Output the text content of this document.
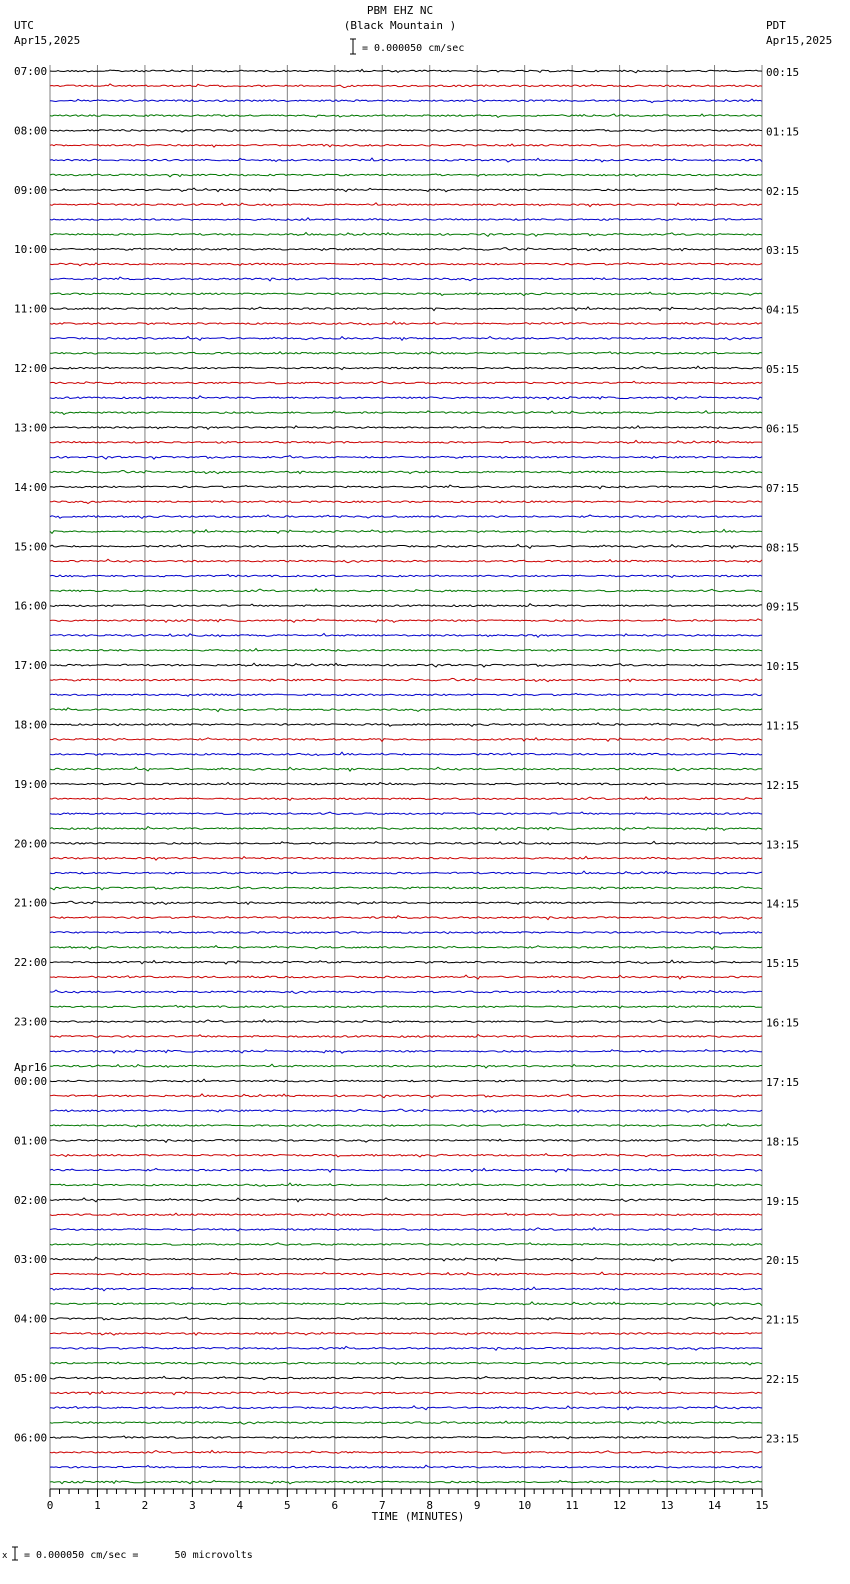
PBM EHZ NC
(Black Mountain )
UTC
Apr15,2025
PDT
Apr15,2025
= 0.000050 cm/sec
0	1	2	3	4	5	6	7	8	9	10	11	12	13	14	15
07:00
08:00
09:00
10:00
11:00
12:00
13:00
14:00
15:00
16:00
17:00
18:00
19:00
20:00
21:00
22:00
23:00
00:00
Apr16
01:00
02:00
03:00
04:00
05:00
06:00
00:15
01:15
02:15
03:15
04:15
05:15
06:15
07:15
08:15
09:15
10:15
11:15
12:15
13:15
14:15
15:15
16:15
17:15
18:15
19:15
20:15
21:15
22:15
23:15
TIME (MINUTES)
x = 0.000050 cm/sec =      50 microvolts
